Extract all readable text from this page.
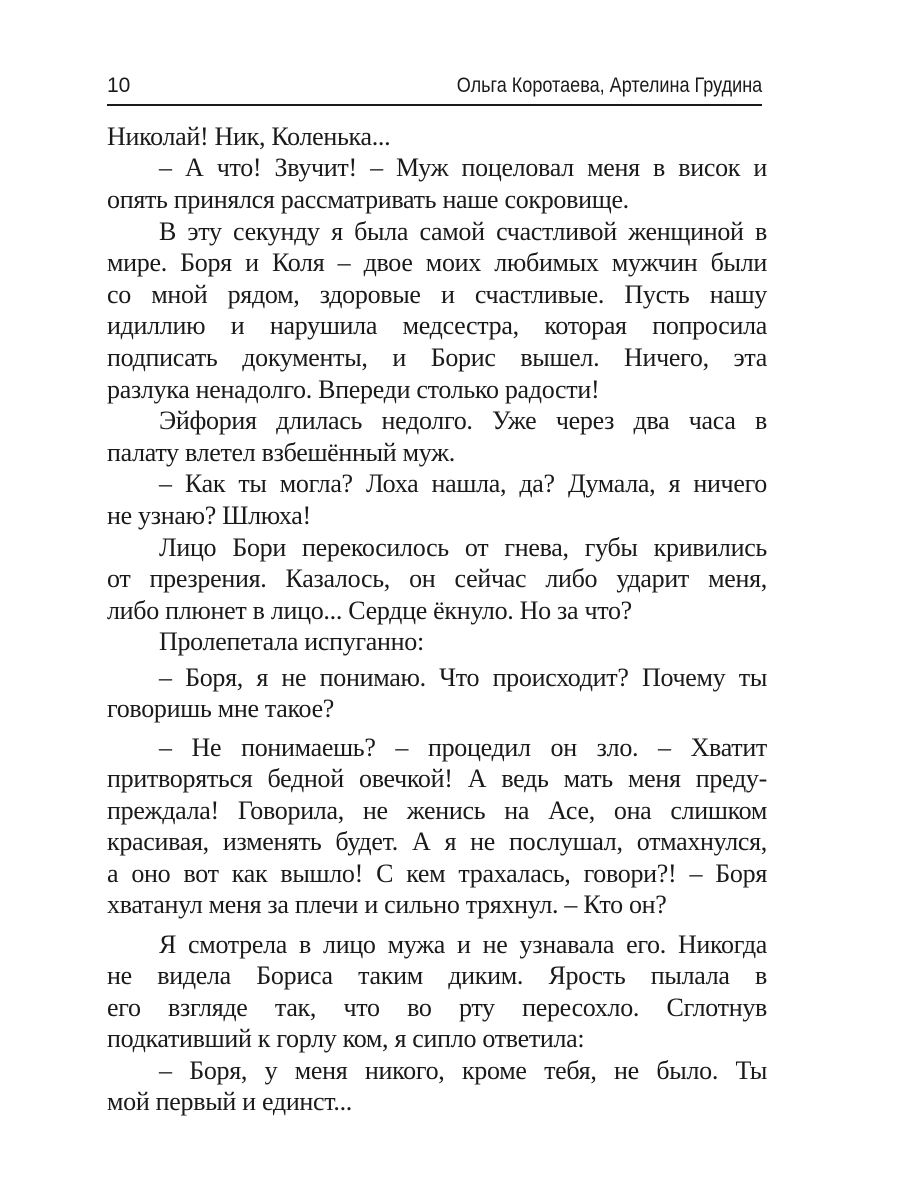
10	Ольга Коротаева, Артелина Грудина
Николай! Ник, Коленька...
– А что! Звучит! – Муж поцеловал меня в висок и
опять принялся рассматривать наше сокровище.
В эту секунду я была самой счастливой женщиной в
мире. Боря и Коля – двое моих любимых мужчин были
со мной рядом, здоровые и счастливые. Пусть нашу
идиллию и нарушила медсестра, которая попросила
подписать документы, и Борис вышел. Ничего, эта
разлука ненадолго. Впереди столько радости!
Эйфория длилась недолго. Уже через два часа в
палату влетел взбешённый муж.
– Как ты могла? Лоха нашла, да? Думала, я ничего
не узнаю? Шлюха!
Лицо Бори перекосилось от гнева, губы кривились
от презрения. Казалось, он сейчас либо ударит меня,
либо плюнет в лицо... Сердце ёкнуло. Но за что?
Пролепетала испуганно:
– Боря, я не понимаю. Что происходит? Почему ты
говоришь мне такое?
– Не понимаешь? – процедил он зло. – Хватит
притворяться бедной овечкой! А ведь мать меня преду-
преждала! Говорила, не женись на Асе, она слишком
красивая, изменять будет. А я не послушал, отмахнулся,
а оно вот как вышло! С кем трахалась, говори?! – Боря
хватанул меня за плечи и сильно тряхнул. – Кто он?
Я смотрела в лицо мужа и не узнавала его. Никогда
не видела Бориса таким диким. Ярость пылала в
его взгляде так, что во рту пересохло. Сглотнув
подкативший к горлу ком, я сипло ответила:
– Боря, у меня никого, кроме тебя, не было. Ты
мой первый и единст...
